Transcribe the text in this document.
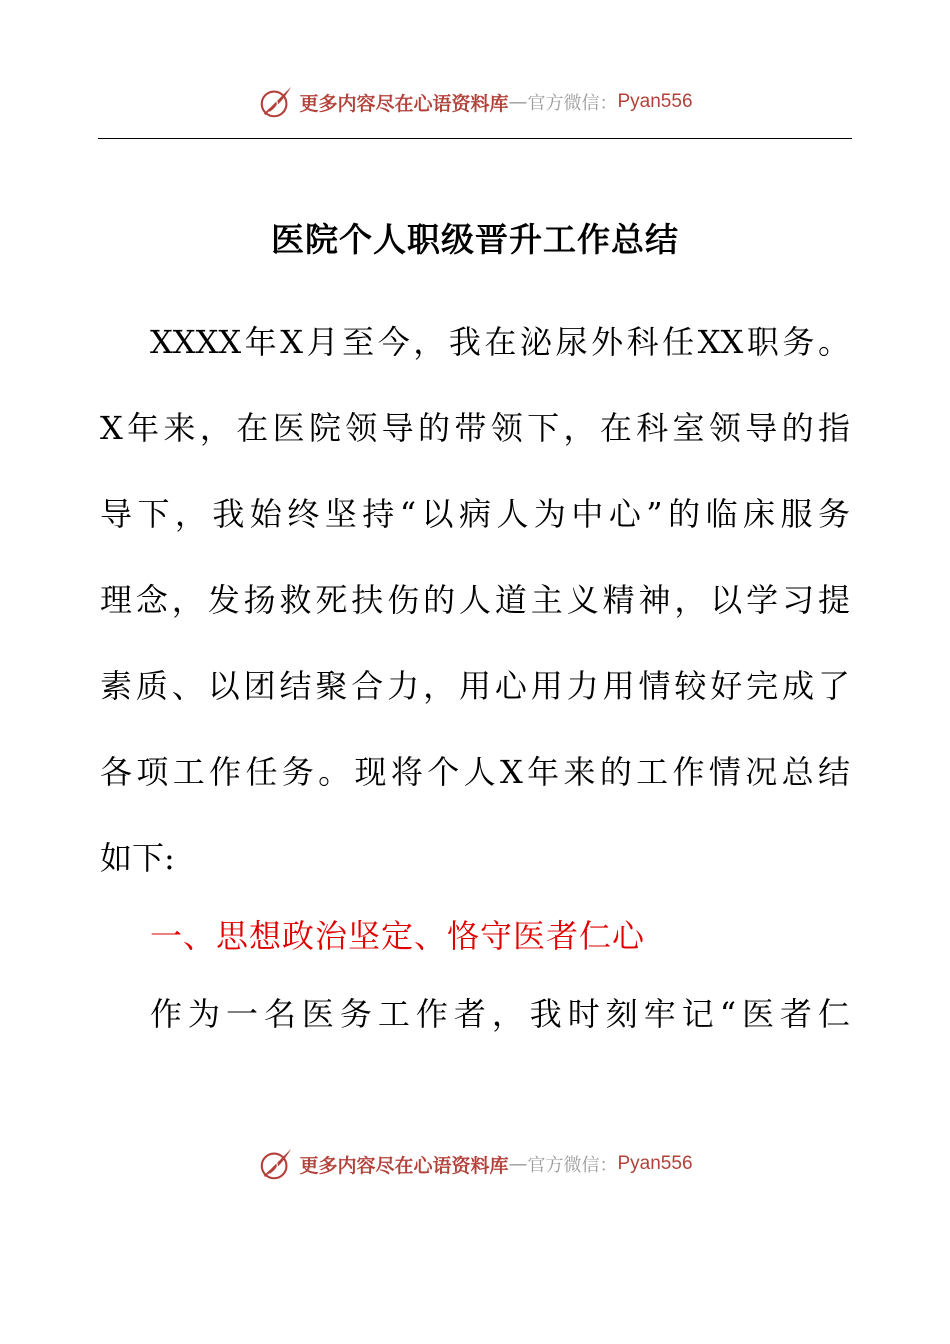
更多内容尽在心语资料库 — 官方微信： Pyan556
医院个人职级晋升工作总结
XXXX年X月至今，我在泌尿外科任XX职务。
X年来，在医院领导的带领下，在科室领导的指
导下，我始终坚持“以病人为中心”的临床服务
理念，发扬救死扶伤的人道主义精神，以学习提
素质、以团结聚合力，用心用力用情较好完成了
各项工作任务。现将个人X年来的工作情况总结
如下:
一、思想政治坚定、恪守医者仁心
作为一名医务工作者，我时刻牢记“医者仁
更多内容尽在心语资料库 — 官方微信： Pyan556
